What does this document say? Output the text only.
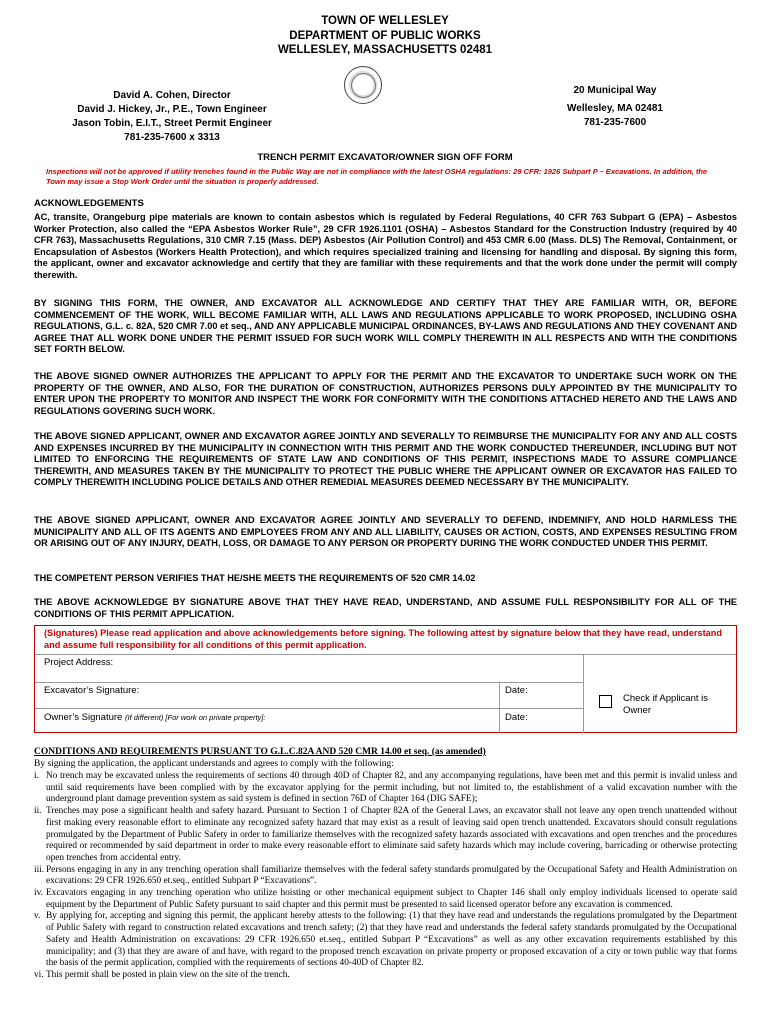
TOWN OF WELLESLEY
DEPARTMENT OF PUBLIC WORKS
WELLESLEY, MASSACHUSETTS 02481
David A. Cohen, Director
David J. Hickey, Jr., P.E., Town Engineer
Jason Tobin, E.I.T., Street Permit Engineer
781-235-7600 x 3313
20 Municipal Way
Wellesley, MA 02481
781-235-7600
TRENCH PERMIT EXCAVATOR/OWNER SIGN OFF FORM
Inspections will not be approved if utility trenches found in the Public Way are not in compliance with the latest OSHA regulations: 29 CFR: 1926 Subpart P – Excavations. In addition, the Town may issue a Stop Work Order until the situation is properly addressed.
ACKNOWLEDGEMENTS
AC, transite, Orangeburg pipe materials are known to contain asbestos which is regulated by Federal Regulations, 40 CFR 763 Subpart G (EPA) – Asbestos Worker Protection, also called the “EPA Asbestos Worker Rule”, 29 CFR 1926.1101 (OSHA) – Asbestos Standard for the Construction Industry (required by 40 CFR 763), Massachusetts Regulations, 310 CMR 7.15 (Mass. DEP) Asbestos (Air Pollution Control) and 453 CMR 6.00 (Mass. DLS) The Removal, Containment, or Encapsulation of Asbestos (Workers Health Protection), and which requires specialized training and licensing for handling and disposal. By signing this form, the applicant, owner and excavator acknowledge and certify that they are familiar with these requirements and that the work done under the permit will comply therewith.
BY SIGNING THIS FORM, THE OWNER, AND EXCAVATOR ALL ACKNOWLEDGE AND CERTIFY THAT THEY ARE FAMILIAR WITH, OR, BEFORE COMMENCEMENT OF THE WORK, WILL BECOME FAMILIAR WITH, ALL LAWS AND REGULATIONS APPLICABLE TO WORK PROPOSED, INCLUDING OSHA REGULATIONS, G.L. c. 82A, 520 CMR 7.00 et seq., AND ANY APPLICABLE MUNICIPAL ORDINANCES, BY-LAWS AND REGULATIONS AND THEY COVENANT AND AGREE THAT ALL WORK DONE UNDER THE PERMIT ISSUED FOR SUCH WORK WILL COMPLY THEREWITH IN ALL RESPECTS AND WITH THE CONDITIONS SET FORTH BELOW.
THE ABOVE SIGNED OWNER AUTHORIZES THE APPLICANT TO APPLY FOR THE PERMIT AND THE EXCAVATOR TO UNDERTAKE SUCH WORK ON THE PROPERTY OF THE OWNER, AND ALSO, FOR THE DURATION OF CONSTRUCTION, AUTHORIZES PERSONS DULY APPOINTED BY THE MUNICIPALITY TO ENTER UPON THE PROPERTY TO MONITOR AND INSPECT THE WORK FOR CONFORMITY WITH THE CONDITIONS ATTACHED HERETO AND THE LAWS AND REGULATIONS GOVERING SUCH WORK.
THE ABOVE SIGNED APPLICANT, OWNER AND EXCAVATOR AGREE JOINTLY AND SEVERALLY TO REIMBURSE THE MUNICIPALITY FOR ANY AND ALL COSTS AND EXPENSES INCURRED BY THE MUNICIPALITY IN CONNECTION WITH THIS PERMIT AND THE WORK CONDUCTED THEREUNDER, INCLUDING BUT NOT LIMITED TO ENFORCING THE REQUIREMENTS OF STATE LAW AND CONDITIONS OF THIS PERMIT, INSPECTIONS MADE TO ASSURE COMPLIANCE THEREWITH, AND MEASURES TAKEN BY THE MUNICIPALITY TO PROTECT THE PUBLIC WHERE THE APPLICANT OWNER OR EXCAVATOR HAS FAILED TO COMPLY THEREWITH INCLUDING POLICE DETAILS AND OTHER REMEDIAL MEASURES DEEMED NECESSARY BY THE MUNICIPALITY.
THE ABOVE SIGNED APPLICANT, OWNER AND EXCAVATOR AGREE JOINTLY AND SEVERALLY TO DEFEND, INDEMNIFY, AND HOLD HARMLESS THE MUNICIPALITY AND ALL OF ITS AGENTS AND EMPLOYEES FROM ANY AND ALL LIABILITY, CAUSES OR ACTION, COSTS, AND EXPENSES RESULTING FROM OR ARISING OUT OF ANY INJURY, DEATH, LOSS, OR DAMAGE TO ANY PERSON OR PROPERTY DURING THE WORK CONDUCTED UNDER THIS PERMIT.
THE COMPETENT PERSON VERIFIES THAT HE/SHE MEETS THE REQUIREMENTS OF 520 CMR 14.02
THE ABOVE ACKNOWLEDGE BY SIGNATURE ABOVE THAT THEY HAVE READ, UNDERSTAND, AND ASSUME FULL RESPONSIBILITY FOR ALL OF THE CONDITIONS OF THIS PERMIT APPLICATION.
(Signatures) Please read application and above acknowledgements before signing. The following attest by signature below that they have read, understand and assume full responsibility for all conditions of this permit application.
Project Address:
Excavator’s Signature:	Date:
Owner’s Signature (If different) [For work on private property]:	Date:
Check if Applicant is Owner
CONDITIONS AND REQUIREMENTS PURSUANT TO G.L.C.82A AND 520 CMR 14.00 et seq. (as amended)
By signing the application, the applicant understands and agrees to comply with the following:
i. No trench may be excavated unless the requirements of sections 40 through 40D of Chapter 82, and any accompanying regulations, have been met and this permit is invalid unless and until said requirements have been complied with by the excavator applying for the permit including, but not limited to, the establishment of a valid excavation number with the underground plant damage prevention system as said system is defined in section 76D of Chapter 164 (DIG SAFE);
ii. Trenches may pose a significant health and safety hazard. Pursuant to Section 1 of Chapter 82A of the General Laws, an excavator shall not leave any open trench unattended without first making every reasonable effort to eliminate any recognized safety hazard that may exist as a result of leaving said open trench unattended. Excavators should consult regulations promulgated by the Department of Public Safety in order to familiarize themselves with the recognized safety hazards associated with excavations and open trenches and the procedures required or recommended by said department in order to make every reasonable effort to eliminate said safety hazards which may include covering, barricading or otherwise protecting open trenches from accidental entry.
iii. Persons engaging in any in any trenching operation shall familiarize themselves with the federal safety standards promulgated by the Occupational Safety and Health Administration on excavations: 29 CFR 1926.650 et.seq., entitled Subpart P “Excavations”.
iv. Excavators engaging in any trenching operation who utilize hoisting or other mechanical equipment subject to Chapter 146 shall only employ individuals licensed to operate said equipment by the Department of Public Safety pursuant to said chapter and this permit must be presented to said licensed operator before any excavation is commenced.
v. By applying for, accepting and signing this permit, the applicant hereby attests to the following: (1) that they have read and understands the regulations promulgated by the Department of Public Safety with regard to construction related excavations and trench safety; (2) that they have read and understands the federal safety standards promulgated by the Occupational Safety and Health Administration on excavations: 29 CFR 1926.650 et.seq., entitled Subpart P “Excavations” as well as any other excavation requirements established by this municipality; and (3) that they are aware of and have, with regard to the proposed trench excavation on private property or proposed excavation of a city or town public way that forms the basis of the permit application, complied with the requirements of sections 40-40D of Chapter 82.
vi. This permit shall be posted in plain view on the site of the trench.
